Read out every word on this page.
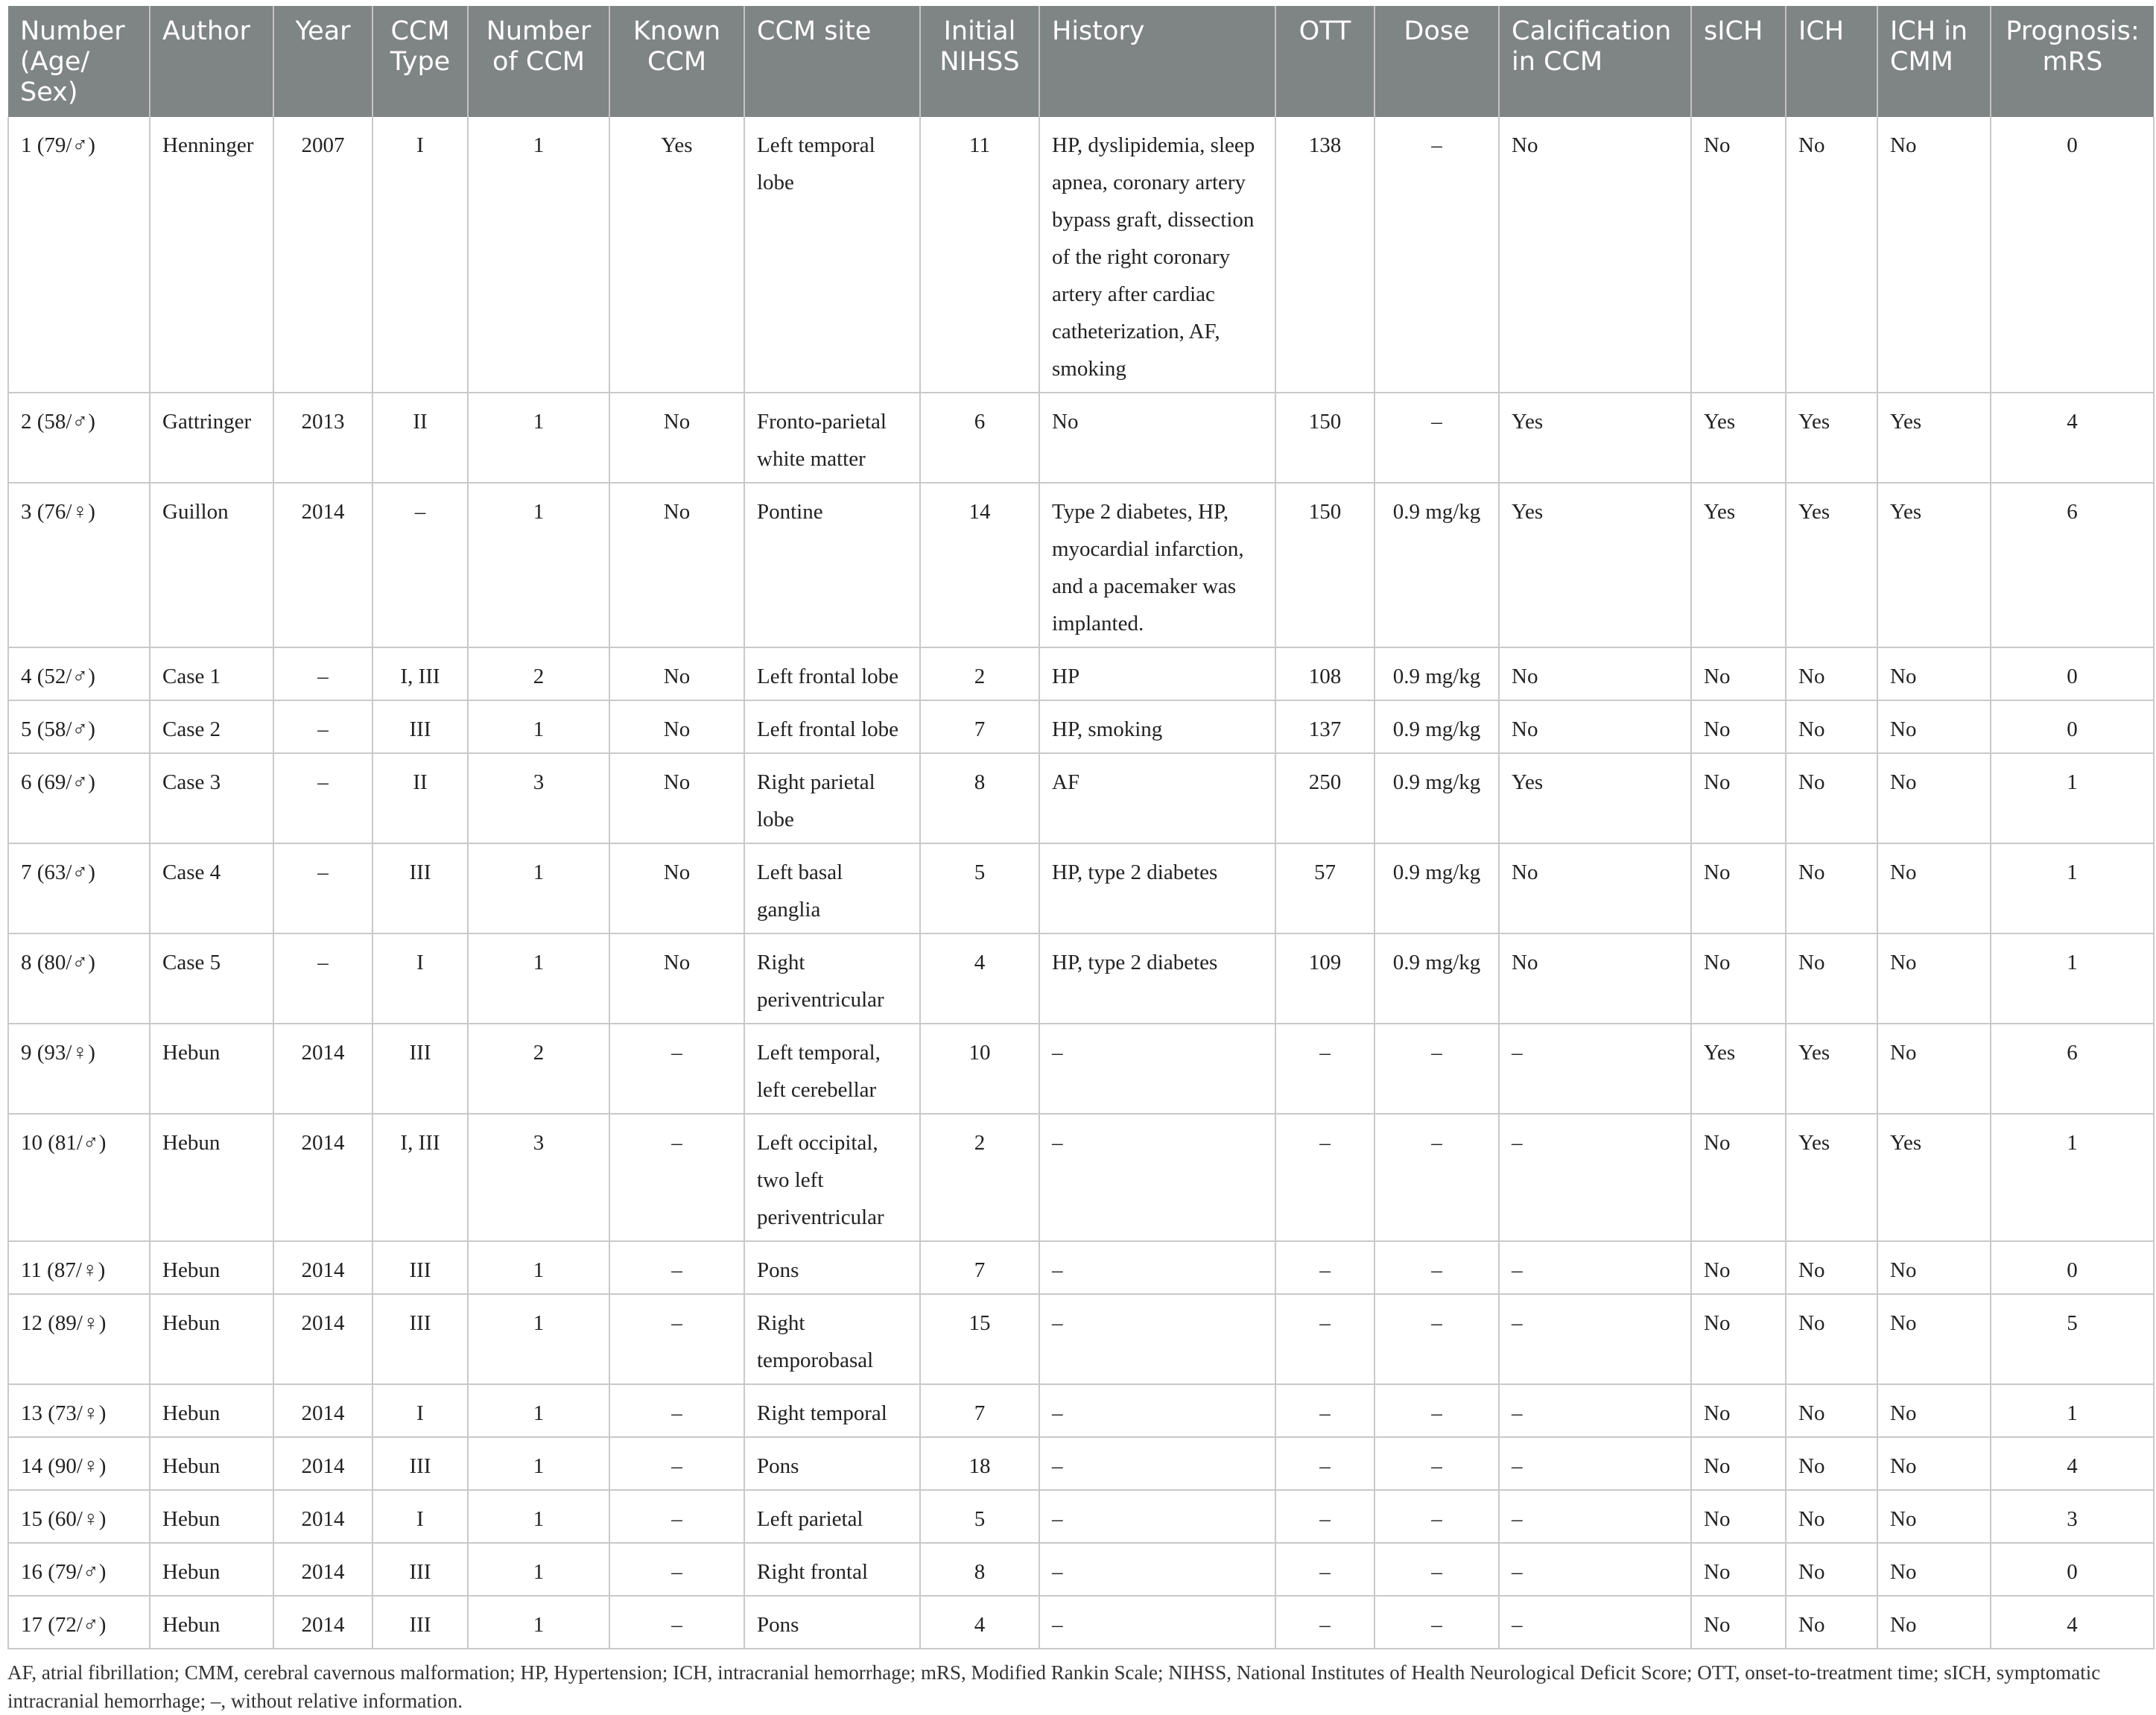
Number (Age/ Sex)	Author	Year	CCM Type	Number of CCM	Known CCM	CCM site	Initial NIHSS	History	OTT	Dose	Calcification in CCM	sICH	ICH	ICH in CMM	Prognosis: mRS
1 (79/♂)	Henninger	2007	I	1	Yes	Left temporal lobe	11	HP, dyslipidemia, sleep apnea, coronary artery bypass graft, dissection of the right coronary artery after cardiac catheterization, AF, smoking	138	–	No	No	No	No	0
2 (58/♂)	Gattringer	2013	II	1	No	Fronto-parietal white matter	6	No	150	–	Yes	Yes	Yes	Yes	4
3 (76/♀)	Guillon	2014	–	1	No	Pontine	14	Type 2 diabetes, HP, myocardial infarction, and a pacemaker was implanted.	150	0.9 mg/kg	Yes	Yes	Yes	Yes	6
4 (52/♂)	Case 1	–	I, III	2	No	Left frontal lobe	2	HP	108	0.9 mg/kg	No	No	No	No	0
5 (58/♂)	Case 2	–	III	1	No	Left frontal lobe	7	HP, smoking	137	0.9 mg/kg	No	No	No	No	0
6 (69/♂)	Case 3	–	II	3	No	Right parietal lobe	8	AF	250	0.9 mg/kg	Yes	No	No	No	1
7 (63/♂)	Case 4	–	III	1	No	Left basal ganglia	5	HP, type 2 diabetes	57	0.9 mg/kg	No	No	No	No	1
8 (80/♂)	Case 5	–	I	1	No	Right periventricular	4	HP, type 2 diabetes	109	0.9 mg/kg	No	No	No	No	1
9 (93/♀)	Hebun	2014	III	2	–	Left temporal, left cerebellar	10	–	–	–	–	Yes	Yes	No	6
10 (81/♂)	Hebun	2014	I, III	3	–	Left occipital, two left periventricular	2	–	–	–	–	No	Yes	Yes	1
11 (87/♀)	Hebun	2014	III	1	–	Pons	7	–	–	–	–	No	No	No	0
12 (89/♀)	Hebun	2014	III	1	–	Right temporobasal	15	–	–	–	–	No	No	No	5
13 (73/♀)	Hebun	2014	I	1	–	Right temporal	7	–	–	–	–	No	No	No	1
14 (90/♀)	Hebun	2014	III	1	–	Pons	18	–	–	–	–	No	No	No	4
15 (60/♀)	Hebun	2014	I	1	–	Left parietal	5	–	–	–	–	No	No	No	3
16 (79/♂)	Hebun	2014	III	1	–	Right frontal	8	–	–	–	–	No	No	No	0
17 (72/♂)	Hebun	2014	III	1	–	Pons	4	–	–	–	–	No	No	No	4
AF, atrial fibrillation; CMM, cerebral cavernous malformation; HP, Hypertension; ICH, intracranial hemorrhage; mRS, Modified Rankin Scale; NIHSS, National Institutes of Health Neurological Deficit Score; OTT, onset-to-treatment time; sICH, symptomatic intracranial hemorrhage; –, without relative information.
